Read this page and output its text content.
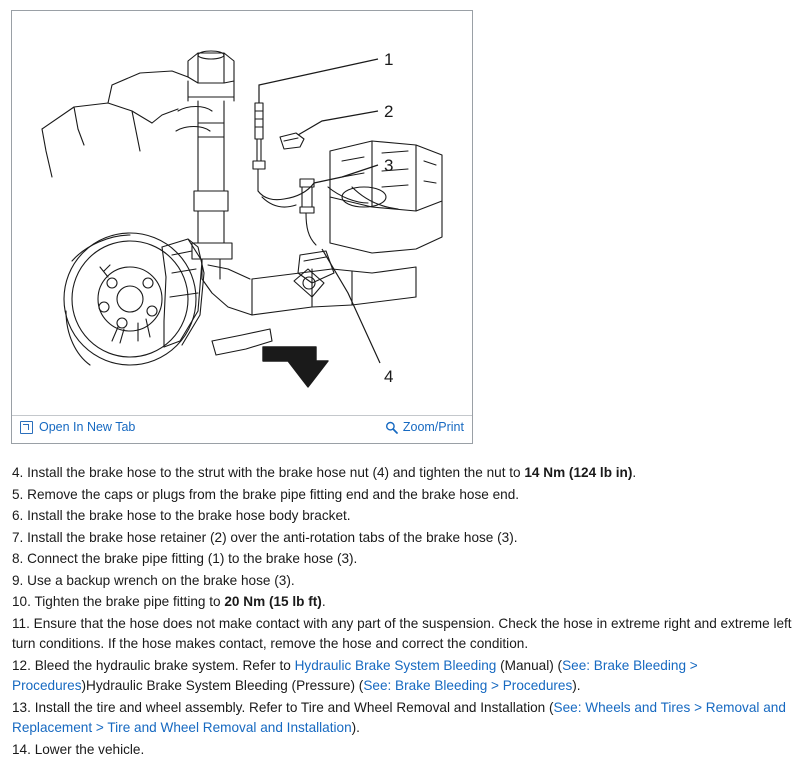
1
2
3
4
Open In New Tab	Zoom/Print
4. Install the brake hose to the strut with the brake hose nut (4) and tighten the nut to 14 Nm (124 lb in).
5. Remove the caps or plugs from the brake pipe fitting end and the brake hose end.
6. Install the brake hose to the brake hose body bracket.
7. Install the brake hose retainer (2) over the anti-rotation tabs of the brake hose (3).
8. Connect the brake pipe fitting (1) to the brake hose (3).
9. Use a backup wrench on the brake hose (3).
10. Tighten the brake pipe fitting to 20 Nm (15 lb ft).
11. Ensure that the hose does not make contact with any part of the suspension. Check the hose in extreme right and extreme left turn conditions. If the hose makes contact, remove the hose and correct the condition.
12. Bleed the hydraulic brake system. Refer to Hydraulic Brake System Bleeding (Manual) (See: Brake Bleeding > Procedures)Hydraulic Brake System Bleeding (Pressure) (See: Brake Bleeding > Procedures).
13. Install the tire and wheel assembly. Refer to Tire and Wheel Removal and Installation (See: Wheels and Tires > Removal and Replacement > Tire and Wheel Removal and Installation).
14. Lower the vehicle.
